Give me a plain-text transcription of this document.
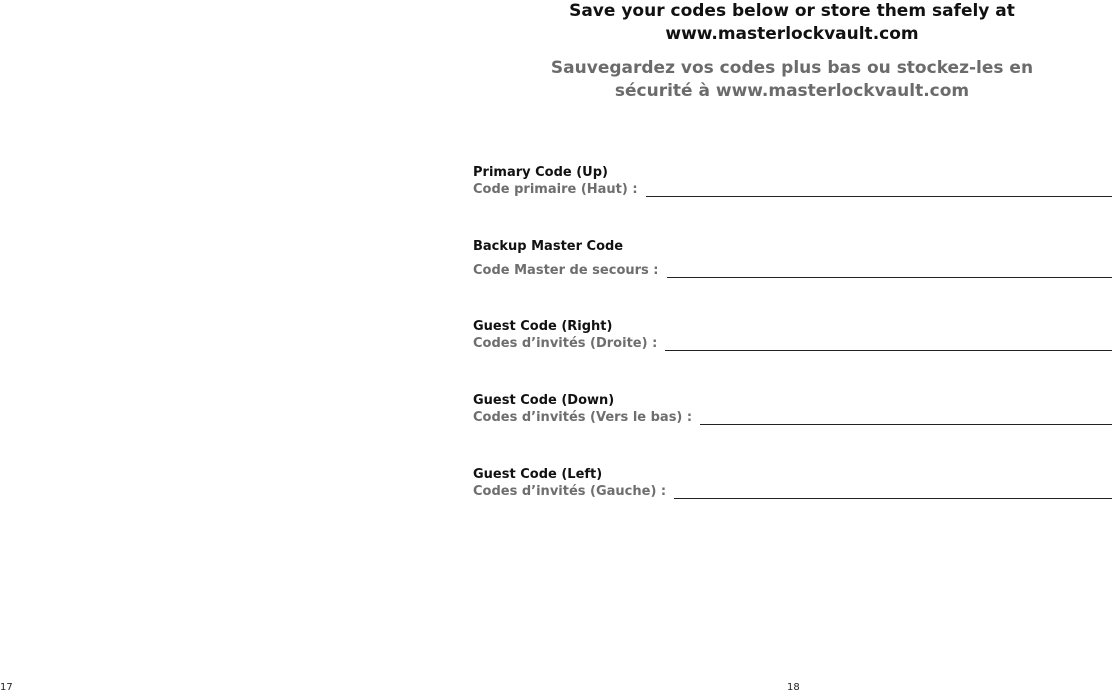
Save your codes below or store them safely at
www.masterlockvault.com
Sauvegardez vos codes plus bas ou stockez-les en
sécurité à www.masterlockvault.com
Primary Code (Up)
Code primaire (Haut) :
Backup Master Code
Code Master de secours :
Guest Code (Right)
Codes d’invités (Droite) :
Guest Code (Down)
Codes d’invités (Vers le bas) :
Guest Code (Left)
Codes d’invités (Gauche) :
17	18
